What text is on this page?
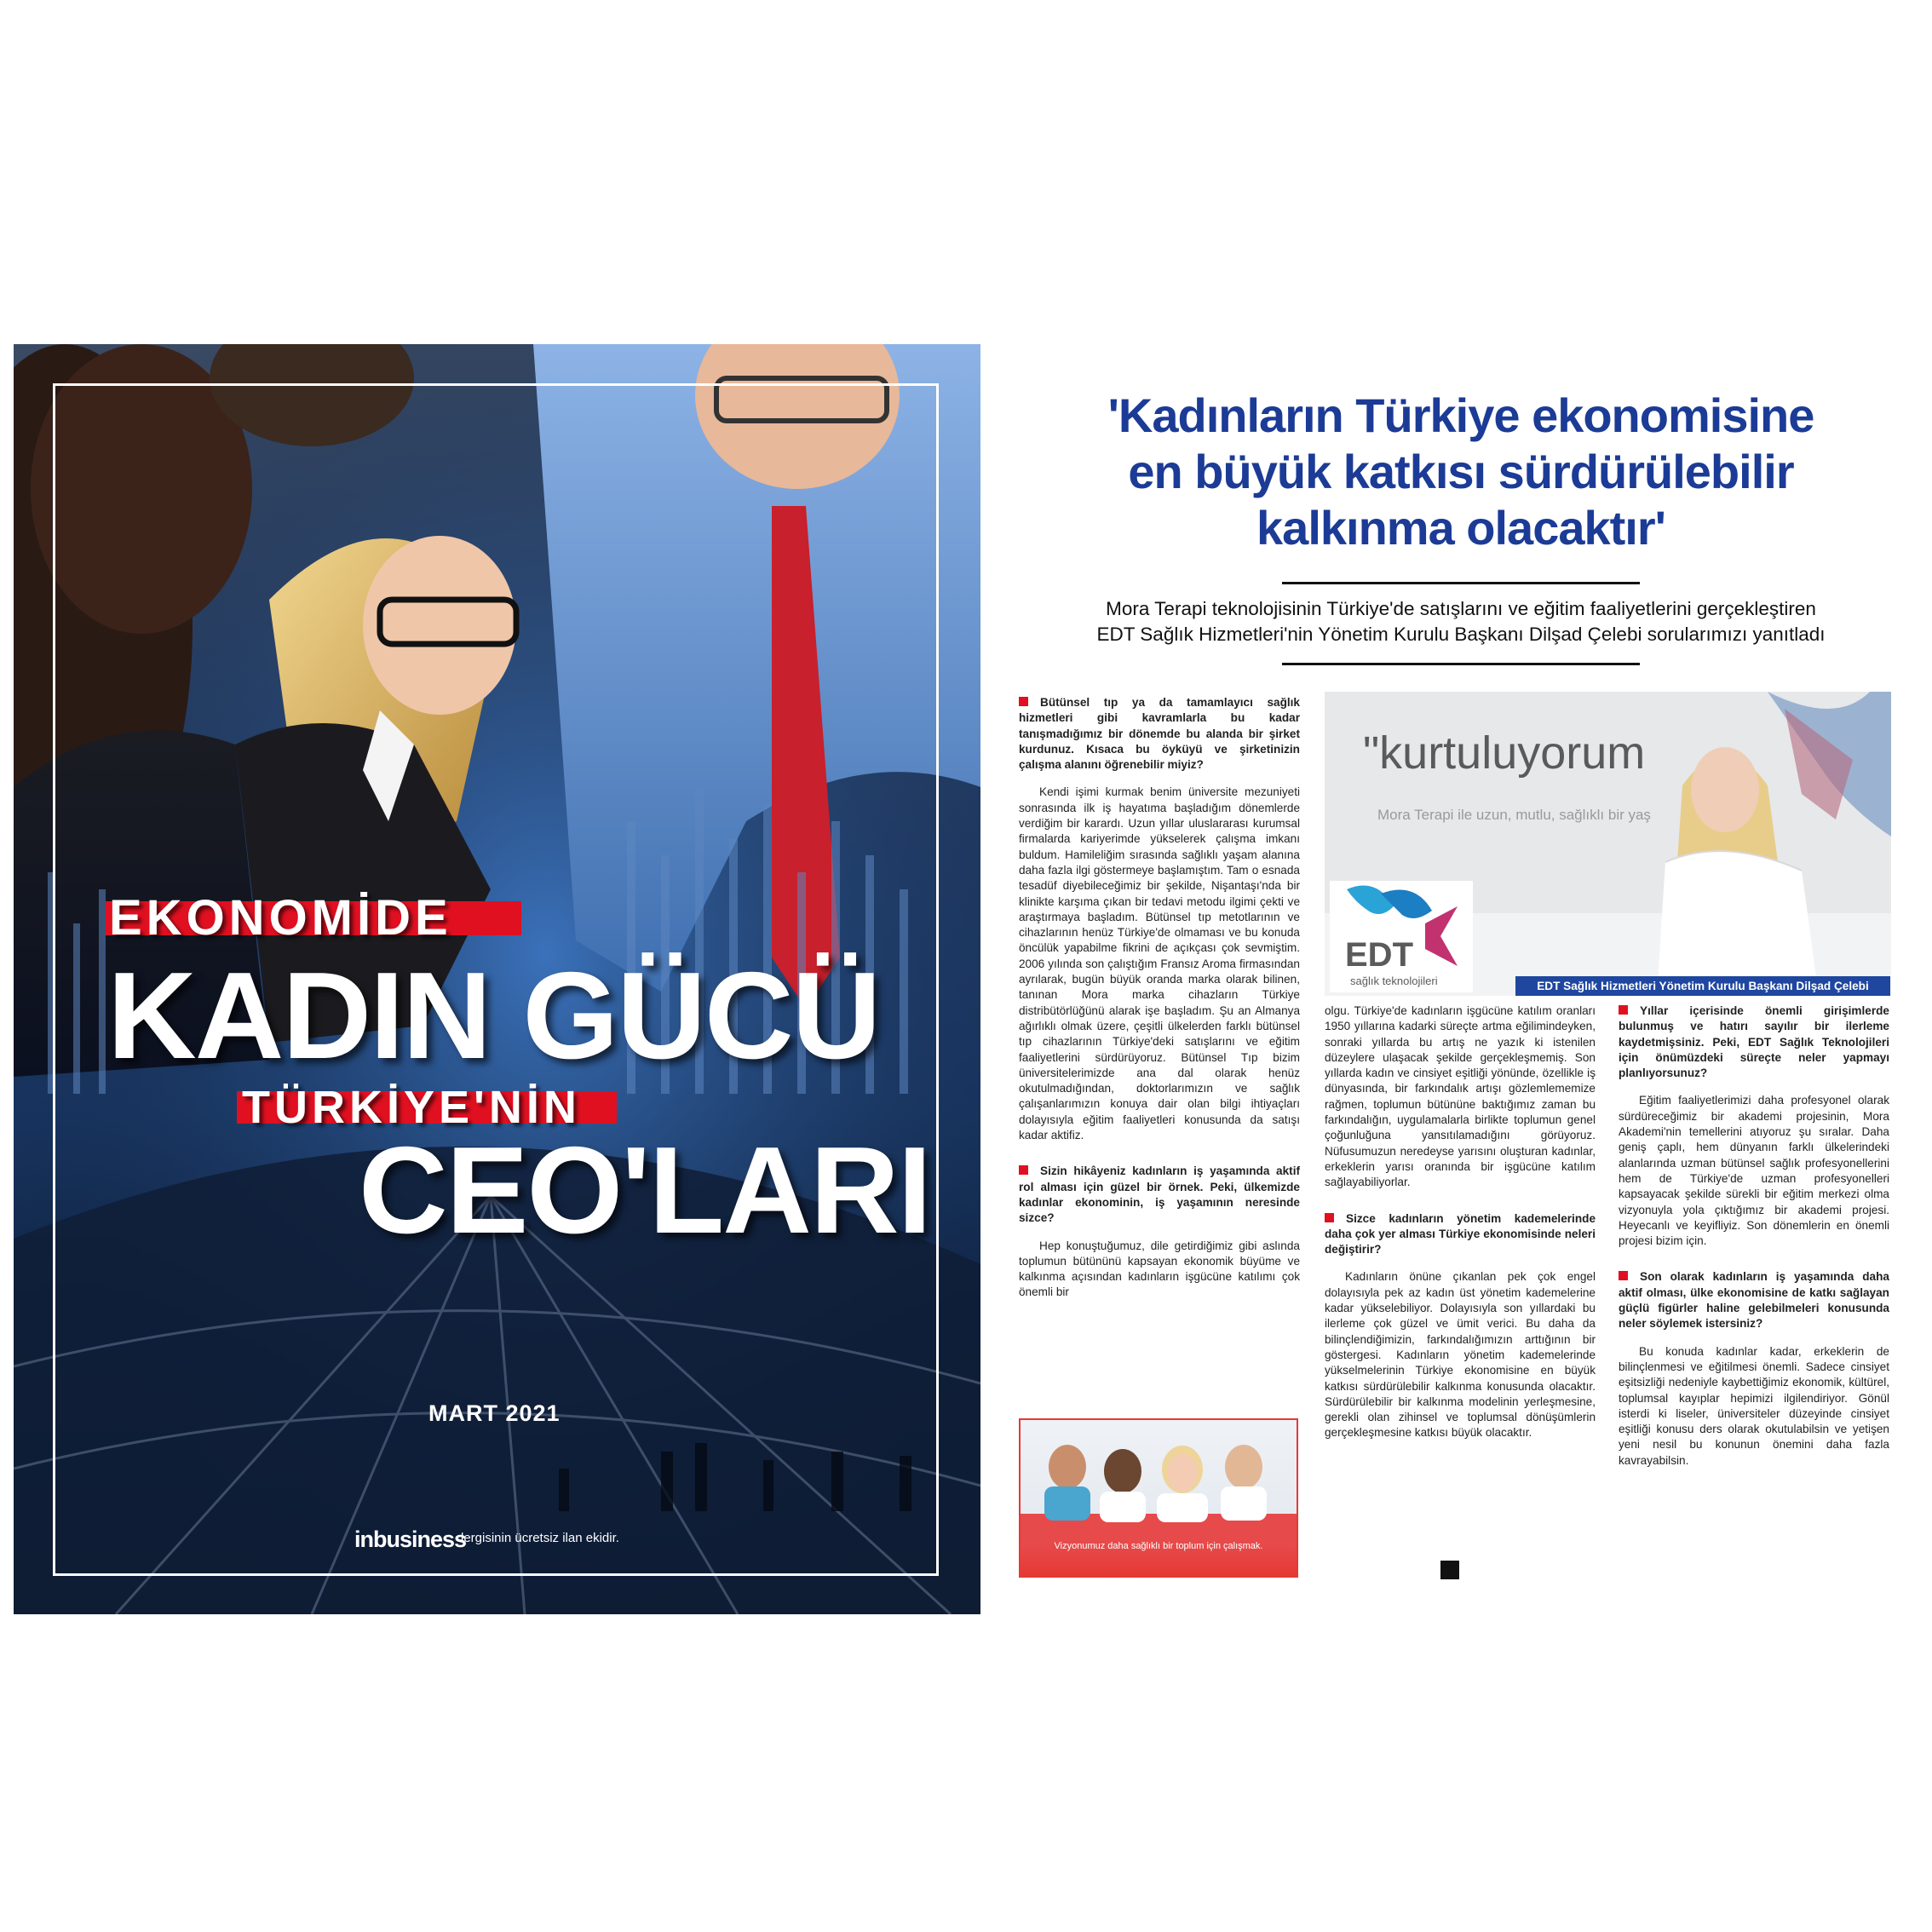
EKONOMİDE
KADIN GÜCÜ
TÜRKİYE'NİN
CEO'LARI
MART 2021
inbusiness
dergisinin ücretsiz ilan ekidir.
'Kadınların Türkiye ekonomisine
en büyük katkısı sürdürülebilir
kalkınma olacaktır'
Mora Terapi teknolojisinin Türkiye'de satışlarını ve eğitim faaliyetlerini gerçekleştiren
EDT Sağlık Hizmetleri'nin Yönetim Kurulu Başkanı Dilşad Çelebi sorularımızı yanıtladı
Bütünsel tıp ya da tamamlayıcı sağlık hizmetleri gibi kavramlarla bu kadar tanışmadığımız bir dönemde bu alanda bir şirket kurdunuz. Kısaca bu öyküyü ve şirketinizin çalışma alanını öğrenebilir miyiz?

Kendi işimi kurmak benim üniversite mezuniyeti sonrasında ilk iş hayatıma başladığım dönemlerde verdiğim bir karardı. Uzun yıllar uluslararası kurumsal firmalarda kariyerimde yükselerek çalışma imkanı buldum. Hamileliğim sırasında sağlıklı yaşam alanına daha fazla ilgi göstermeye başlamıştım. Tam o esnada tesadüf diyebileceğimiz bir şekilde, Nişantaşı'nda bir klinikte karşıma çıkan bir tedavi metodu ilgimi çekti ve araştırmaya başladım. Bütünsel tıp metotlarının ve cihazlarının henüz Türkiye'de olmaması ve bu konuda öncülük yapabilme fikrini de açıkçası çok sevmiştim. 2006 yılında son çalıştığım Fransız Aroma firmasından ayrılarak, bugün büyük oranda marka olarak bilinen, tanınan Mora marka cihazların Türkiye distribütörlüğünü alarak işe başladım. Şu an Almanya ağırlıklı olmak üzere, çeşitli ülkelerden farklı bütünsel tıp cihazlarının Türkiye'deki satışlarını ve eğitim faaliyetlerini sürdürüyoruz. Bütünsel Tıp bizim üniversitelerimizde ana dal olarak henüz okutulmadığından, doktorlarımızın ve sağlık çalışanlarımızın konuya dair olan bilgi ihtiyaçları dolayısıyla eğitim faaliyetleri konusunda da satışı kadar aktifiz.

Sizin hikâyeniz kadınların iş yaşamında aktif rol alması için güzel bir örnek. Peki, ülkemizde kadınlar ekonominin, iş yaşamının neresinde sizce?

Hep konuştuğumuz, dile getirdiğimiz gibi aslında toplumun bütününü kapsayan ekonomik büyüme ve kalkınma açısından kadınların işgücüne katılımı çok önemli bir

"kurtuluyorum
Mora Terapi ile uzun, mutlu, sağlıklı bir yaş
EDT
sağlık teknolojileri	EDT Sağlık Hizmetleri Yönetim Kurulu Başkanı Dilşad Çelebi

olgu. Türkiye'de kadınların işgücüne katılım oranları 1950 yıllarına kadarki süreçte artma eğilimindeyken, sonraki yıllarda bu artış ne yazık ki istenilen düzeylere ulaşacak şekilde gerçekleşmemiş. Son yıllarda kadın ve cinsiyet eşitliği yönünde, özellikle iş dünyasında, bir farkındalık artışı gözlemlememize rağmen, toplumun bütününe baktığımız zaman bu farkındalığın, uygulamalarla birlikte toplumun genel çoğunluğuna yansıtılamadığını görüyoruz. Nüfusumuzun neredeyse yarısını oluşturan kadınlar, erkeklerin yarısı oranında bir işgücüne katılım sağlayabiliyorlar.

Sizce kadınların yönetim kademelerinde daha çok yer alması Türkiye ekonomisinde neleri değiştirir?

Kadınların önüne çıkanlan pek çok engel dolayısıyla pek az kadın üst yönetim kademelerine kadar yükselebiliyor. Dolayısıyla son yıllardaki bu ilerleme çok güzel ve ümit verici. Bu daha da bilinçlendiğimizin, farkındalığımızın arttığının bir göstergesi. Kadınların yönetim kademelerinde yükselmelerinin Türkiye ekonomisine en büyük katkısı sürdürülebilir kalkınma konusunda olacaktır. Sürdürülebilir bir kalkınma modelinin yerleşmesine, gerekli olan zihinsel ve toplumsal dönüşümlerin gerçekleşmesine katkısı büyük olacaktır.

Yıllar içerisinde önemli girişimlerde bulunmuş ve hatırı sayılır bir ilerleme kaydetmişsiniz. Peki, EDT Sağlık Teknolojileri için önümüzdeki süreçte neler yapmayı planlıyorsunuz?

Eğitim faaliyetlerimizi daha profesyonel olarak sürdüreceğimiz bir akademi projesinin, Mora Akademi'nin temellerini atıyoruz şu sıralar. Daha geniş çaplı, hem dünyanın farklı ülkelerindeki alanlarında uzman bütünsel sağlık profesyonellerini hem de Türkiye'de uzman profesyonelleri kapsayacak şekilde sürekli bir eğitim merkezi olma vizyonuyla yola çıktığımız bir akademi projesi. Heyecanlı ve keyifliyiz. Son dönemlerin en önemli projesi bizim için.

Son olarak kadınların iş yaşamında daha aktif olması, ülke ekonomisine de katkı sağlayan güçlü figürler haline gelebilmeleri konusunda neler söylemek istersiniz?

Bu konuda kadınlar kadar, erkeklerin de bilinçlenmesi ve eğitilmesi önemli. Sadece cinsiyet eşitsizliği nedeniyle kaybettiğimiz ekonomik, kültürel, toplumsal kayıplar hepimizi ilgilendiriyor. Gönül isterdi ki liseler, üniversiteler düzeyinde cinsiyet eşitliği konusu ders olarak okutulabilsin ve yetişen yeni nesil bu konunun önemini daha fazla kavrayabilsin.

Vizyonumuz daha sağlıklı bir toplum için çalışmak.
